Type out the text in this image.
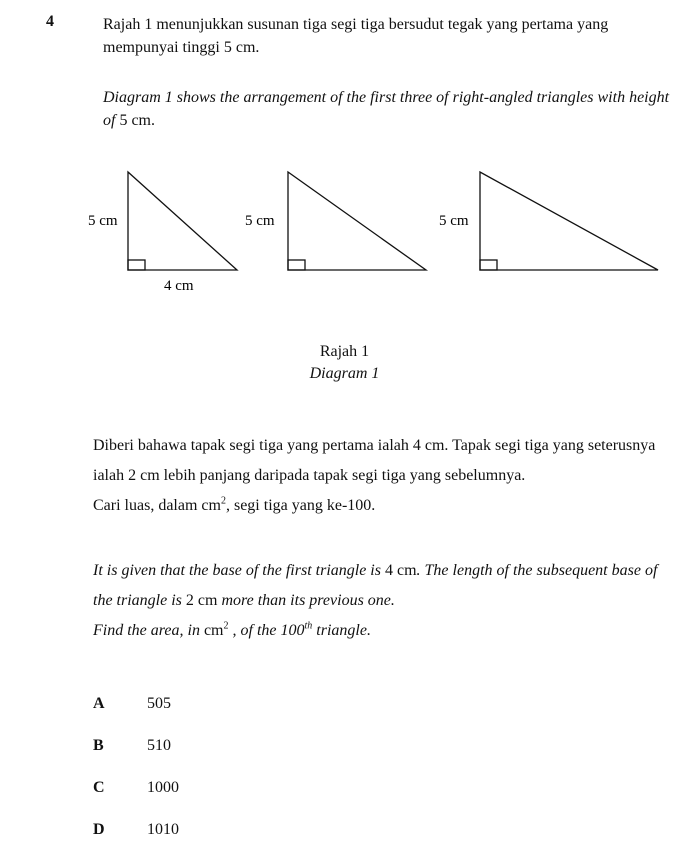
4	Rajah 1 menunjukkan susunan tiga segi tiga bersudut tegak yang pertama yang mempunyai tinggi 5 cm.
Diagram 1 shows the arrangement of the first three of right-angled triangles with height of 5 cm.
5 cm
4 cm
5 cm	5 cm
Rajah 1
Diagram 1
Diberi bahawa tapak segi tiga yang pertama ialah 4 cm. Tapak segi tiga yang seterusnya ialah 2 cm lebih panjang daripada tapak segi tiga yang sebelumnya.
Cari luas, dalam $cm^2$, segi tiga yang ke-100.
It is given that the base of the first triangle is 4 cm. The length of the subsequent base of the triangle is 2 cm more than its previous one.
Find the area, in $cm^2$ , of the 100th triangle.
A	505
B	510
C	1000
D	1010
